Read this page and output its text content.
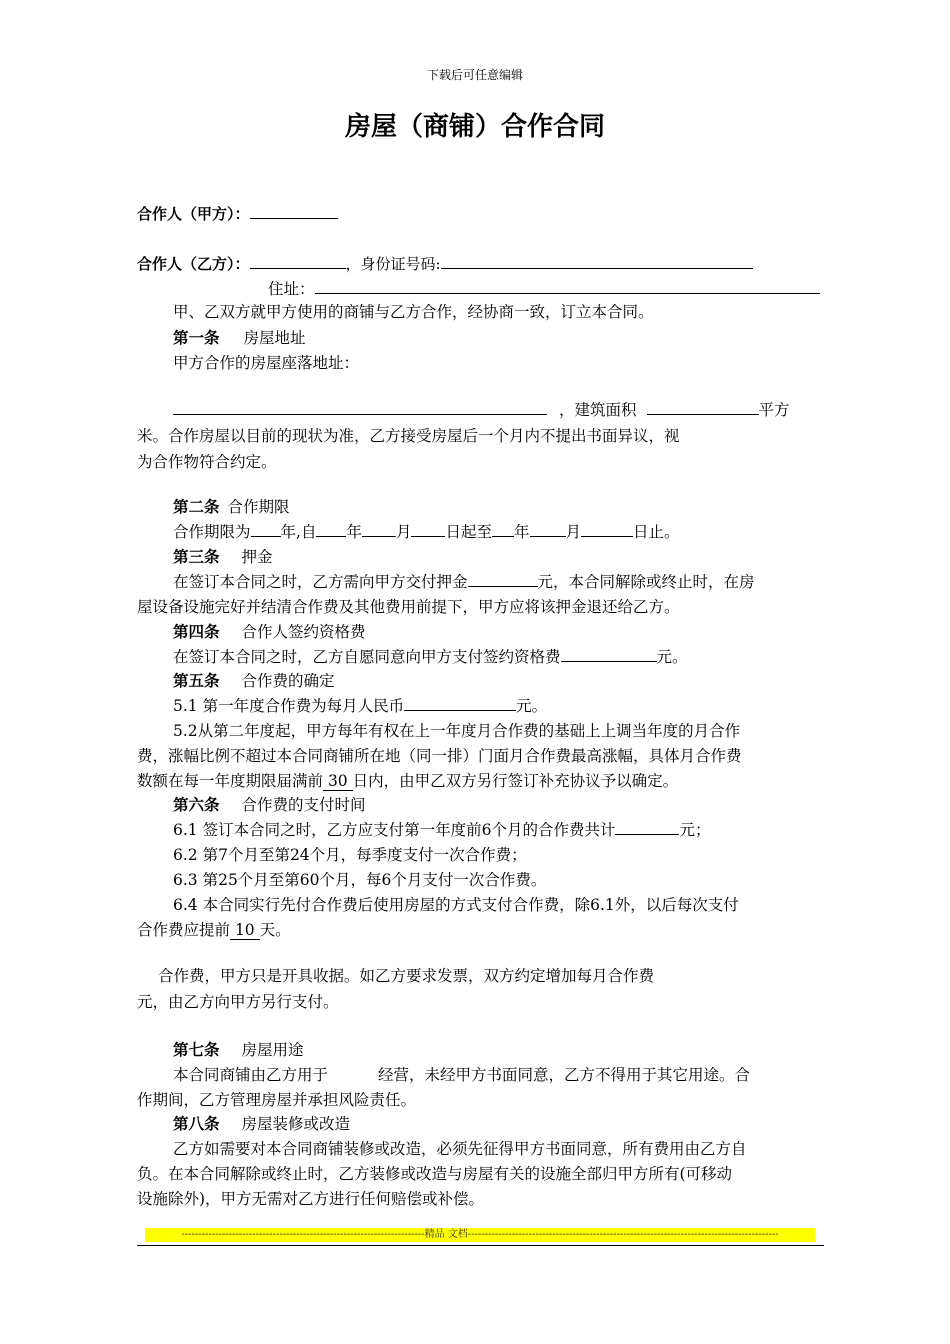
下载后可任意编辑
房屋（商铺）合作合同
合作人（甲方）：
合作人（乙方）：	，身份证号码:
住址：
甲、乙双方就甲方使用的商铺与乙方合作，经协商一致，订立本合同。
第一条 房屋地址
甲方合作的房屋座落地址：
，建筑面积	平方
米。合作房屋以目前的现状为准，乙方接受房屋后一个月内不提出书面异议，视
为合作物符合约定。
第二条 合作期限
合作期限为 年,自 年 月 日起至 年 月	日止。
第三条 押金
在签订本合同之时，乙方需向甲方交付押金	元，本合同解除或终止时，在房
屋设备设施完好并结清合作费及其他费用前提下，甲方应将该押金退还给乙方。
第四条 合作人签约资格费
在签订本合同之时，乙方自愿同意向甲方支付签约资格费	元。
第五条 合作费的确定
5.1 第一年度合作费为每月人民币	元。
5.2从第二年度起，甲方每年有权在上一年度月合作费的基础上上调当年度的月合作
费，涨幅比例不超过本合同商铺所在地（同一排）门面月合作费最高涨幅，具体月合作费
数额在每一年度期限届满前 30 日内，由甲乙双方另行签订补充协议予以确定。
第六条 合作费的支付时间
6.1 签订本合同之时，乙方应支付第一年度前6个月的合作费共计	元；
6.2 第7个月至第24个月，每季度支付一次合作费；
6.3 第25个月至第60个月，每6个月支付一次合作费。
6.4 本合同实行先付合作费后使用房屋的方式支付合作费，除6.1外，以后每次支付
合作费应提前 10 天。
合作费，甲方只是开具收据。如乙方要求发票，双方约定增加每月合作费
元，由乙方向甲方另行支付。
第七条 房屋用途
本合同商铺由乙方用于	经营，未经甲方书面同意，乙方不得用于其它用途。合
作期间，乙方管理房屋并承担风险责任。
第八条 房屋装修或改造
乙方如需要对本合同商铺装修或改造，必须先征得甲方书面同意，所有费用由乙方自
负。在本合同解除或终止时，乙方装修或改造与房屋有关的设施全部归甲方所有(可移动
设施除外)，甲方无需对乙方进行任何赔偿或补偿。
------------------------------------------------------------------------精品 文档--------------------------------------------------------------------------------------------
